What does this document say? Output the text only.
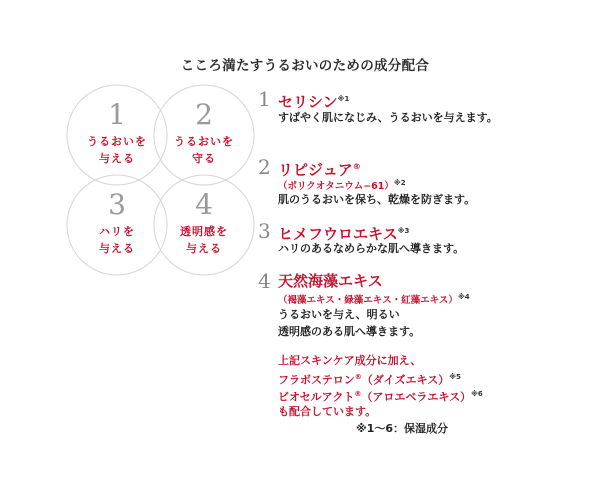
こころ満たすうるおいのための成分配合
1
うるおいを
与える
2
うるおいを
守る
3
ハリを
与える
4
透明感を
与える
1 セリシン$^{※1}$
すばやく肌になじみ、うるおいを与えます。
2 リピジュア®
（ポリクオタニウム−61）$^{※2}$
肌のうるおいを保ち、乾燥を防ぎます。
3 ヒメフウロエキス$^{※3}$
ハリのあるなめらかな肌へ導きます。
4 天然海藻エキス
（褐藻エキス・緑藻エキス・紅藻エキス）$^{※4}$
うるおいを与え、明るい
透明感のある肌へ導きます。
上記スキンケア成分に加え、
フラボステロン®（ダイズエキス）$^{※5}$
ビオセルアクト®（アロエベラエキス）$^{※6}$
も配合しています。
※1〜6：保湿成分
